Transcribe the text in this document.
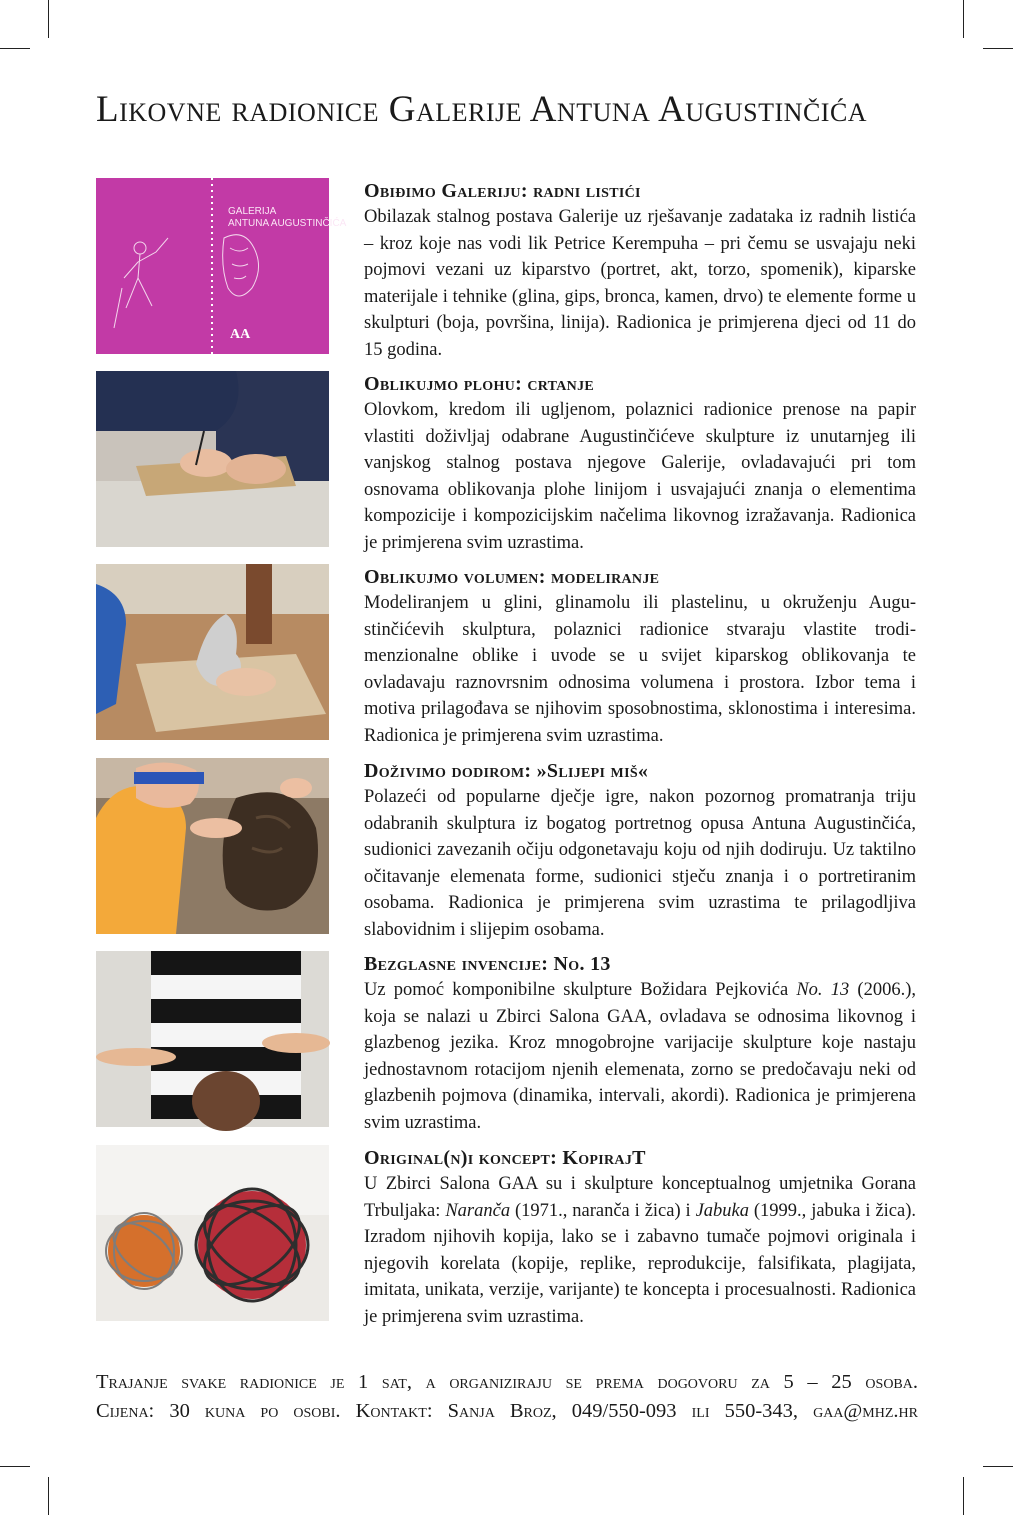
Likovne radionice Galerije Antuna Augustinčića
GALERIJA
ANTUNA AUGUSTINČIĆA
AA
Obiđimo Galeriju: radni listići

Obilazak stalnog postava Galerije uz rješavanje zadataka iz radnih listića – kroz koje nas vodi lik Petrice Kerempuha – pri čemu se usvajaju neki pojmovi vezani uz kiparstvo (portret, akt, torzo, spomenik), kiparske materijale i tehnike (glina, gips, bronca, kamen, drvo) te elemente forme u skulpturi (boja, površina, linija). Radionica je primjerena djeci od 11 do 15 godina.

Oblikujmo plohu: crtanje

Olovkom, kredom ili ugljenom, polaznici radionice prenose na papir vlastiti doživljaj odabrane Augustinčićeve skulpture iz unutarnjeg ili vanjskog stalnog postava njegove Galerije, ovladavajući pri tom osnovama oblikovanja plohe linijom i usvajajući znanja o elementima kompozicije i kompozicijskim načelima likovnog izražavanja. Radionica je primjerena svim uzrastima.

Oblikujmo volumen: modeliranje

Modeliranjem u glini, glinamolu ili plastelinu, u okruženju Augustinčićevih skulptura, polaznici radionice stvaraju vlastite trodimenzionalne oblike i uvode se u svijet kiparskog oblikovanja te ovladavaju raznovrsnim odnosima volumena i prostora. Izbor tema i motiva prilagođava se njihovim sposobnostima, sklonostima i interesima. Radionica je primjerena svim uzrastima.

Doživimo dodirom: »Slijepi miš«

Polazeći od popularne dječje igre, nakon pozornog promatranja triju odabranih skulptura iz bogatog portretnog opusa Antuna Augustinčića, sudionici zavezanih očiju odgonetavaju koju od njih dodiruju. Uz taktilno očitavanje elemenata forme, sudionici stječu znanja i o portretiranim osobama. Radionica je primjerena svim uzrastima te prilagodljiva slabovidnim i slijepim osobama.

Bezglasne invencije: No. 13

Uz pomoć komponibilne skulpture Božidara Pejkovića No. 13 (2006.), koja se nalazi u Zbirci Salona GAA, ovladava se odnosima likovnog i glazbenog jezika. Kroz mnogobrojne varijacije skulpture koje nastaju jednostavnom rotacijom njenih elemenata, zorno se predočavaju neki od glazbenih pojmova (dinamika, intervali, akordi). Radionica je primjerena svim uzrastima.

Original(n)i koncept: KopirajT

U Zbirci Salona GAA su i skulpture konceptualnog umjetnika Gorana Trbuljaka: Naranča (1971., naranča i žica) i Jabuka (1999., jabuka i žica). Izradom njihovih kopija, lako se i zabavno tumače pojmovi originala i njegovih korelata (kopije, replike, reprodukcije, falsifikata, plagijata, imitata, unikata, verzije, varijante) te koncepta i procesualnosti. Radionica je primjerena svim uzrastima.

Trajanje svake radionice je 1 sat, a organiziraju se prema dogovoru za 5 – 25 osoba.
Cijena: 30 kuna po osobi. Kontakt: Sanja Broz, 049/550-093 ili 550-343, gaa@mhz.hr
